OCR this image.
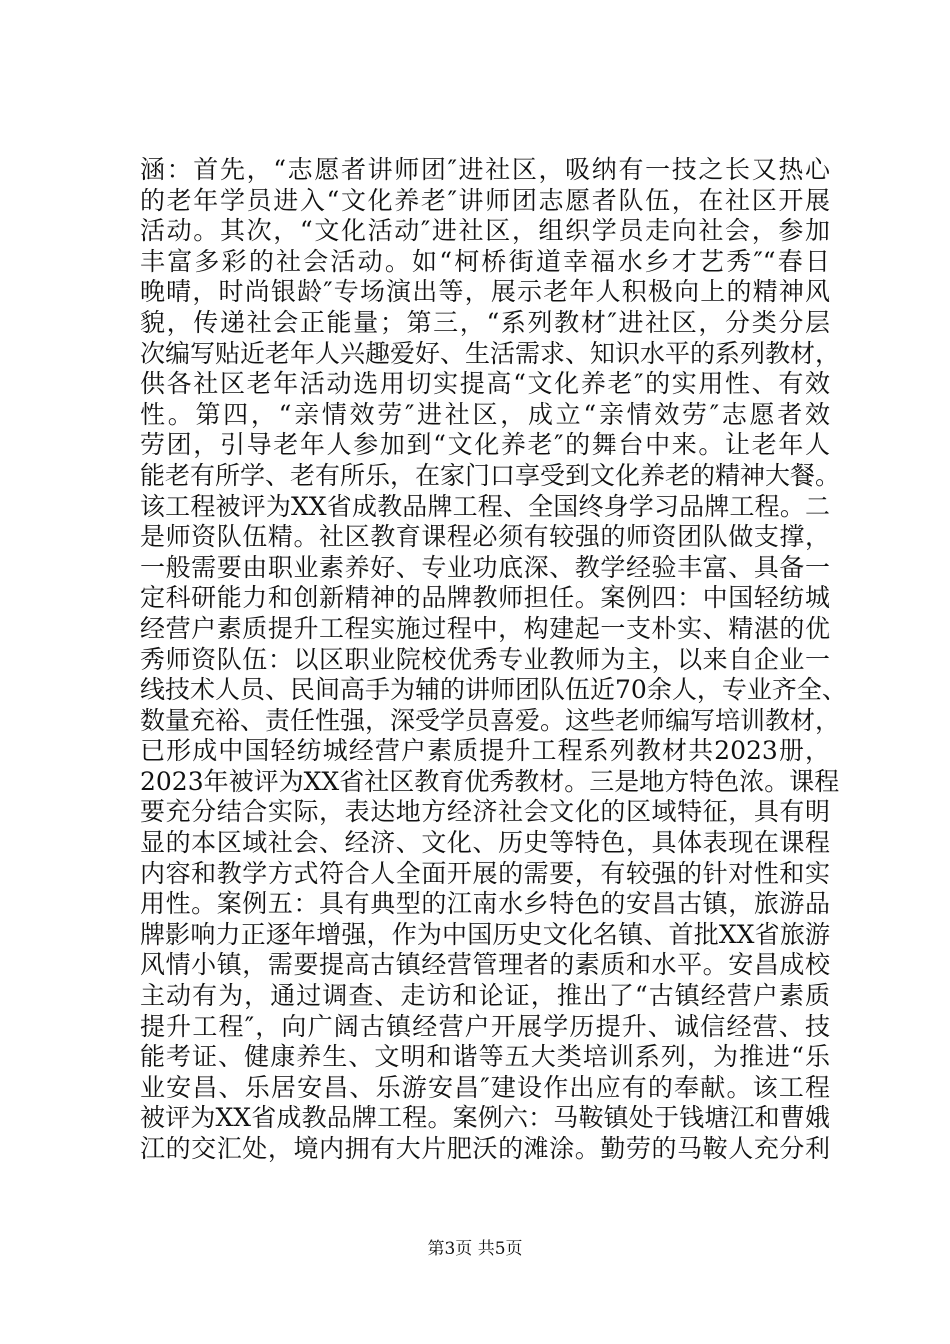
涵：首先，“志愿者讲师团″进社区，吸纳有一技之长又热心
的老年学员进入“文化养老″讲师团志愿者队伍，在社区开展
活动。其次，“文化活动″进社区，组织学员走向社会，参加
丰富多彩的社会活动。如“柯桥街道幸福水乡才艺秀″“春日
晚晴，时尚银龄″专场演出等，展示老年人积极向上的精神风
貌，传递社会正能量；第三，“系列教材″进社区，分类分层
次编写贴近老年人兴趣爱好、生活需求、知识水平的系列教材，
供各社区老年活动选用切实提高“文化养老″的实用性、有效
性。第四，“亲情效劳″进社区，成立“亲情效劳″志愿者效
劳团，引导老年人参加到“文化养老″的舞台中来。让老年人
能老有所学、老有所乐，在家门口享受到文化养老的精神大餐。
该工程被评为XX省成教品牌工程、全国终身学习品牌工程。二
是师资队伍精。社区教育课程必须有较强的师资团队做支撑，
一般需要由职业素养好、专业功底深、教学经验丰富、具备一
定科研能力和创新精神的品牌教师担任。案例四：中国轻纺城
经营户素质提升工程实施过程中，构建起一支朴实、精湛的优
秀师资队伍：以区职业院校优秀专业教师为主，以来自企业一
线技术人员、民间高手为辅的讲师团队伍近70余人，专业齐全、
数量充裕、责任性强，深受学员喜爱。这些老师编写培训教材，
已形成中国轻纺城经营户素质提升工程系列教材共2023册，
2023年被评为XX省社区教育优秀教材。三是地方特色浓。课程
要充分结合实际，表达地方经济社会文化的区域特征，具有明
显的本区域社会、经济、文化、历史等特色，具体表现在课程
内容和教学方式符合人全面开展的需要，有较强的针对性和实
用性。案例五：具有典型的江南水乡特色的安昌古镇，旅游品
牌影响力正逐年增强，作为中国历史文化名镇、首批XX省旅游
风情小镇，需要提高古镇经营管理者的素质和水平。安昌成校
主动有为，通过调查、走访和论证，推出了“古镇经营户素质
提升工程″，向广阔古镇经营户开展学历提升、诚信经营、技
能考证、健康养生、文明和谐等五大类培训系列，为推进“乐
业安昌、乐居安昌、乐游安昌″建设作出应有的奉献。该工程
被评为XX省成教品牌工程。案例六：马鞍镇处于钱塘江和曹娥
江的交汇处，境内拥有大片肥沃的滩涂。勤劳的马鞍人充分利
第3页 共5页
